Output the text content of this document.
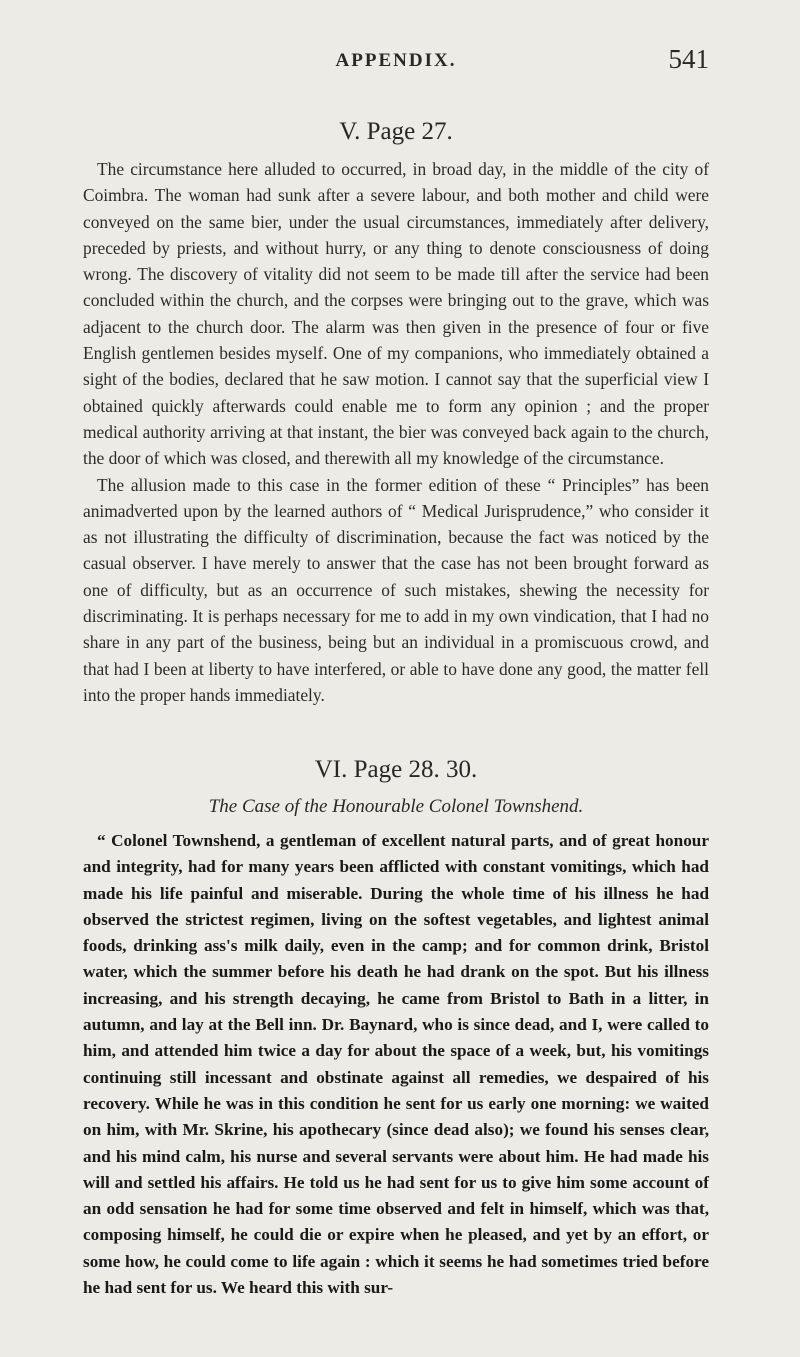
APPENDIX.	541
V. Page 27.

The circumstance here alluded to occurred, in broad day, in the middle of the city of Coimbra. The woman had sunk after a severe labour, and both mother and child were conveyed on the same bier, under the usual circumstances, immediately after delivery, preceded by priests, and without hurry, or any thing to denote consciousness of doing wrong. The discovery of vitality did not seem to be made till after the service had been concluded within the church, and the corpses were bringing out to the grave, which was adjacent to the church door. The alarm was then given in the presence of four or five English gentlemen besides myself. One of my companions, who immediately obtained a sight of the bodies, declared that he saw motion. I cannot say that the superficial view I obtained quickly afterwards could enable me to form any opinion ; and the proper medical authority arriving at that instant, the bier was conveyed back again to the church, the door of which was closed, and therewith all my knowledge of the circumstance.

The allusion made to this case in the former edition of these “ Principles” has been animadverted upon by the learned authors of “ Medical Jurisprudence,” who consider it as not illustrating the difficulty of discrimination, because the fact was noticed by the casual observer. I have merely to answer that the case has not been brought forward as one of difficulty, but as an occurrence of such mistakes, shewing the necessity for discriminating. It is perhaps necessary for me to add in my own vindication, that I had no share in any part of the business, being but an individual in a promiscuous crowd, and that had I been at liberty to have interfered, or able to have done any good, the matter fell into the proper hands immediately.

VI. Page 28. 30.

The Case of the Honourable Colonel Townshend.

“ Colonel Townshend, a gentleman of excellent natural parts, and of great honour and integrity, had for many years been afflicted with constant vomitings, which had made his life painful and miserable. During the whole time of his illness he had observed the strictest regimen, living on the softest vegetables, and lightest animal foods, drinking ass's milk daily, even in the camp; and for common drink, Bristol water, which the summer before his death he had drank on the spot. But his illness increasing, and his strength decaying, he came from Bristol to Bath in a litter, in autumn, and lay at the Bell inn. Dr. Baynard, who is since dead, and I, were called to him, and attended him twice a day for about the space of a week, but, his vomitings continuing still incessant and obstinate against all remedies, we despaired of his recovery. While he was in this condition he sent for us early one morning: we waited on him, with Mr. Skrine, his apothecary (since dead also); we found his senses clear, and his mind calm, his nurse and several servants were about him. He had made his will and settled his affairs. He told us he had sent for us to give him some account of an odd sensation he had for some time observed and felt in himself, which was that, composing himself, he could die or expire when he pleased, and yet by an effort, or some how, he could come to life again : which it seems he had sometimes tried before he had sent for us. We heard this with sur-
